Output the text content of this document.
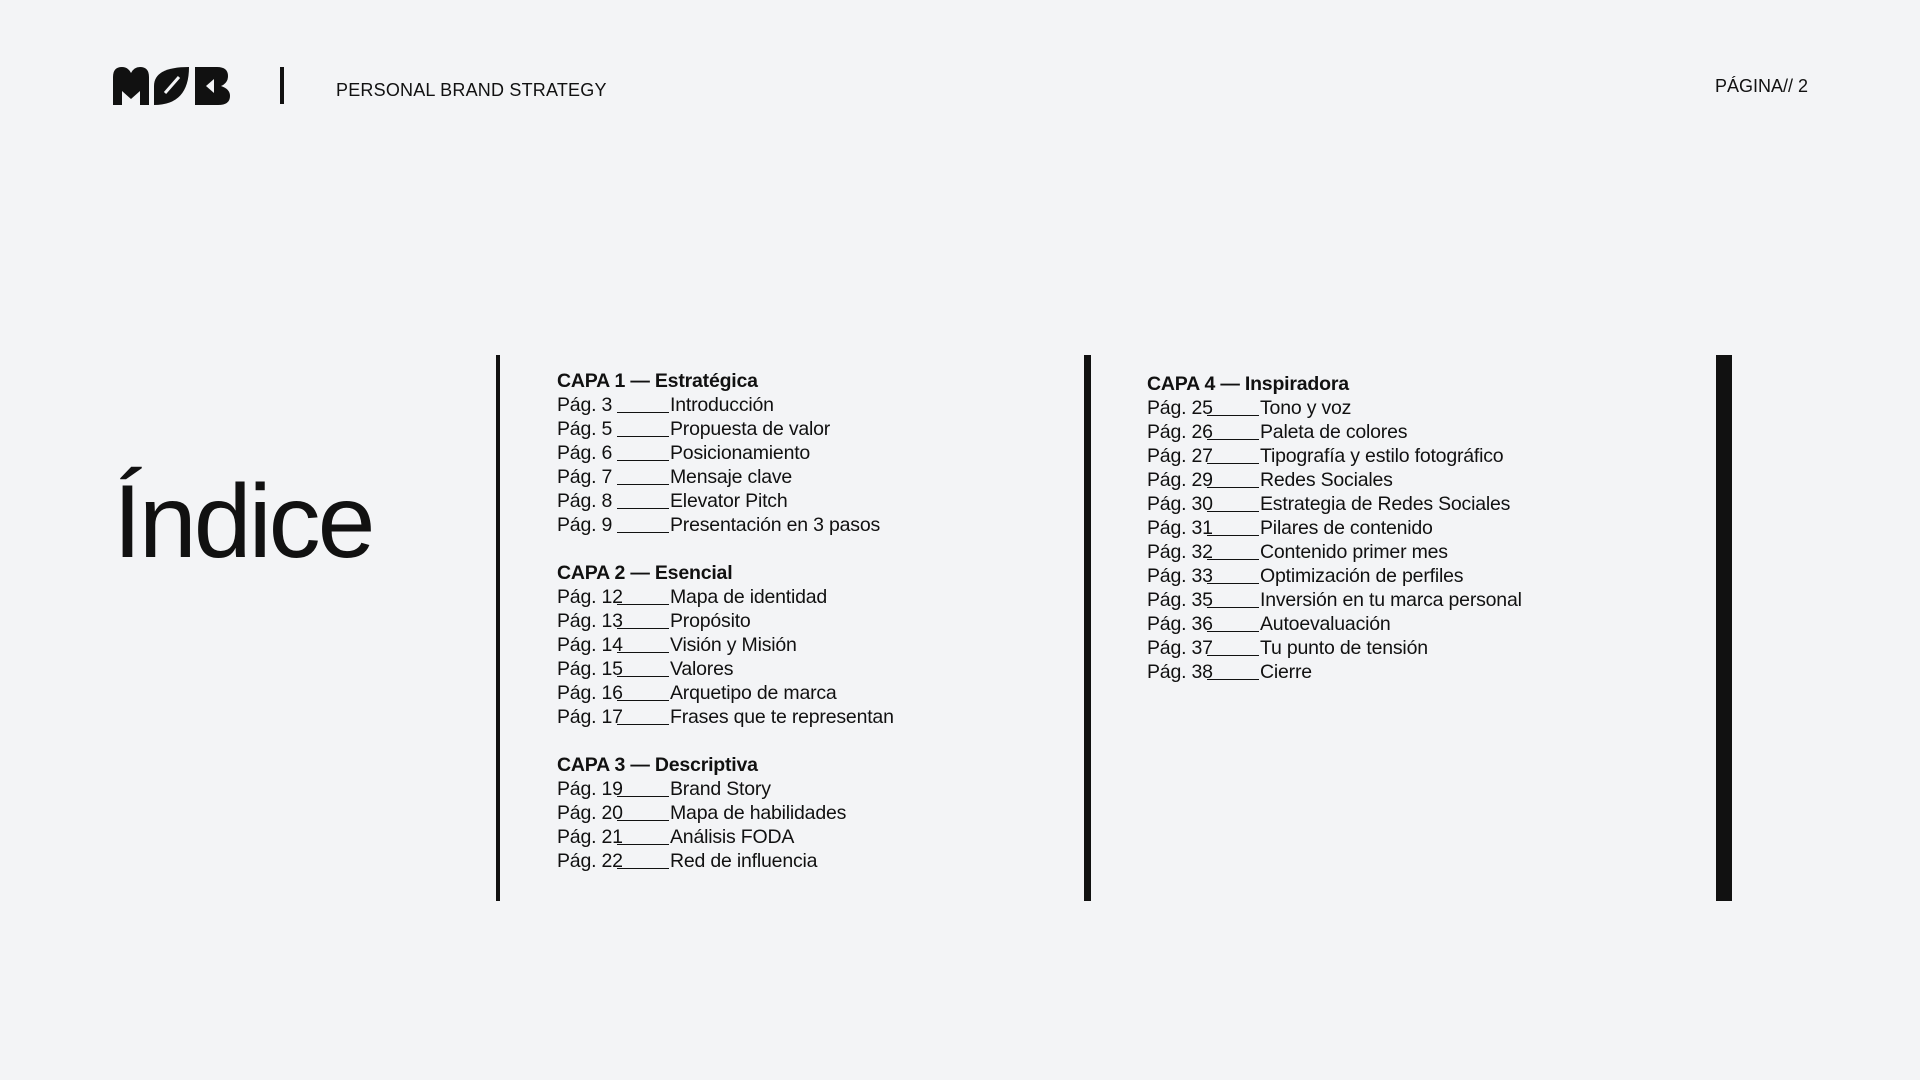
PERSONAL BRAND STRATEGY	PÁGINA// 2
Índice
CAPA 1 — Estratégica
Pág. 3	Introducción
Pág. 5	Propuesta de valor
Pág. 6	Posicionamiento
Pág. 7	Mensaje clave
Pág. 8	Elevator Pitch
Pág. 9	Presentación en 3 pasos
CAPA 2 — Esencial
Pág. 12 Mapa de identidad
Pág. 13 Propósito
Pág. 14 Visión y Misión
Pág. 15 Valores
Pág. 16 Arquetipo de marca
Pág. 17 Frases que te representan
CAPA 3 — Descriptiva
Pág. 19 Brand Story
Pág. 20 Mapa de habilidades
Pág. 21 Análisis FODA
Pág. 22 Red de influencia
CAPA 4 — Inspiradora
Pág. 25 Tono y voz
Pág. 26 Paleta de colores
Pág. 27 Tipografía y estilo fotográfico
Pág. 29 Redes Sociales
Pág. 30 Estrategia de Redes Sociales
Pág. 31 Pilares de contenido
Pág. 32 Contenido primer mes
Pág. 33 Optimización de perfiles
Pág. 35 Inversión en tu marca personal
Pág. 36 Autoevaluación
Pág. 37 Tu punto de tensión
Pág. 38 Cierre
